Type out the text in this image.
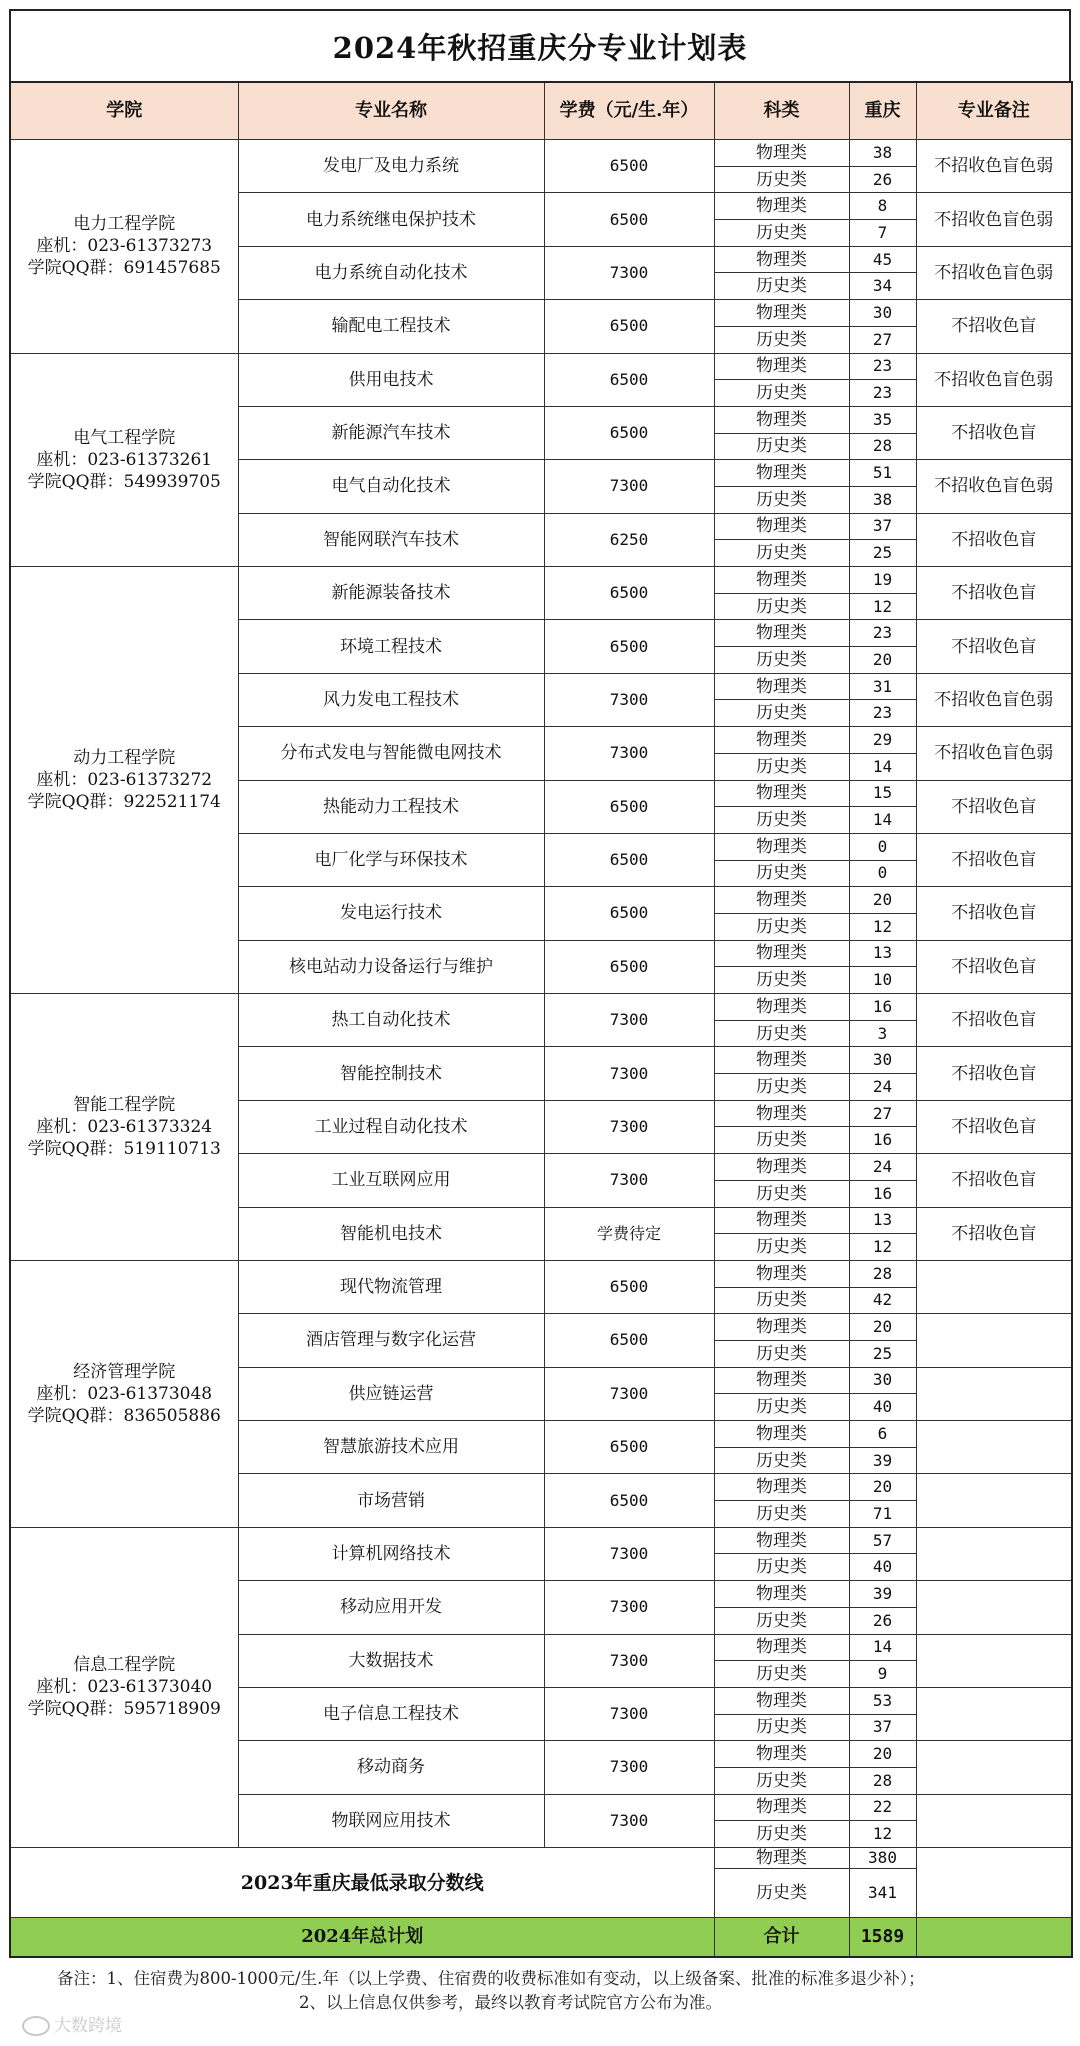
2024年秋招重庆分专业计划表
学院	专业名称	学费（元/生.年）	科类	重庆	专业备注

电力工程学院
座机：023-61373273
学院QQ群：691457685	发电厂及电力系统	6500	物理类	38	不招收色盲色弱
			历史类	26	
	电力系统继电保护技术	6500	物理类	8	不招收色盲色弱
			历史类	7	
	电力系统自动化技术	7300	物理类	45	不招收色盲色弱
			历史类	34	
	输配电工程技术	6500	物理类	30	不招收色盲
			历史类	27	

电气工程学院
座机：023-61373261
学院QQ群：549939705	供用电技术	6500	物理类	23	不招收色盲色弱
			历史类	23	
	新能源汽车技术	6500	物理类	35	不招收色盲
			历史类	28	
	电气自动化技术	7300	物理类	51	不招收色盲色弱
			历史类	38	
	智能网联汽车技术	6250	物理类	37	不招收色盲
			历史类	25	

动力工程学院
座机：023-61373272
学院QQ群：922521174	新能源装备技术	6500	物理类	19	不招收色盲
			历史类	12	
	环境工程技术	6500	物理类	23	不招收色盲
			历史类	20	
	风力发电工程技术	7300	物理类	31	不招收色盲色弱
			历史类	23	
	分布式发电与智能微电网技术	7300	物理类	29	不招收色盲色弱
			历史类	14	
	热能动力工程技术	6500	物理类	15	不招收色盲
			历史类	14	
	电厂化学与环保技术	6500	物理类	0	不招收色盲
			历史类	0	
	发电运行技术	6500	物理类	20	不招收色盲
			历史类	12	
	核电站动力设备运行与维护	6500	物理类	13	不招收色盲
			历史类	10	

智能工程学院
座机：023-61373324
学院QQ群：519110713	热工自动化技术	7300	物理类	16	不招收色盲
			历史类	3	
	智能控制技术	7300	物理类	30	不招收色盲
			历史类	24	
	工业过程自动化技术	7300	物理类	27	不招收色盲
			历史类	16	
	工业互联网应用	7300	物理类	24	不招收色盲
			历史类	16	
	智能机电技术	学费待定	物理类	13	不招收色盲
			历史类	12	

经济管理学院
座机：023-61373048
学院QQ群：836505886	现代物流管理	6500	物理类	28	
			历史类	42	
	酒店管理与数字化运营	6500	物理类	20	
			历史类	25	
	供应链运营	7300	物理类	30	
			历史类	40	
	智慧旅游技术应用	6500	物理类	6	
			历史类	39	
	市场营销	6500	物理类	20	
			历史类	71	

信息工程学院
座机：023-61373040
学院QQ群：595718909	计算机网络技术	7300	物理类	57	
			历史类	40	
	移动应用开发	7300	物理类	39	
			历史类	26	
	大数据技术	7300	物理类	14	
			历史类	9	
	电子信息工程技术	7300	物理类	53	
			历史类	37	
	移动商务	7300	物理类	20	
			历史类	28	
	物联网应用技术	7300	物理类	22	
			历史类	12	
2023年重庆最低录取分数线			物理类	380	
			历史类	341	
2024年总计划			合计	1589	
备注：1、住宿费为800-1000元/生.年（以上学费、住宿费的收费标准如有变动，以上级备案、批准的标准多退少补）；
2、以上信息仅供参考，最终以教育考试院官方公布为准。
大数跨境
